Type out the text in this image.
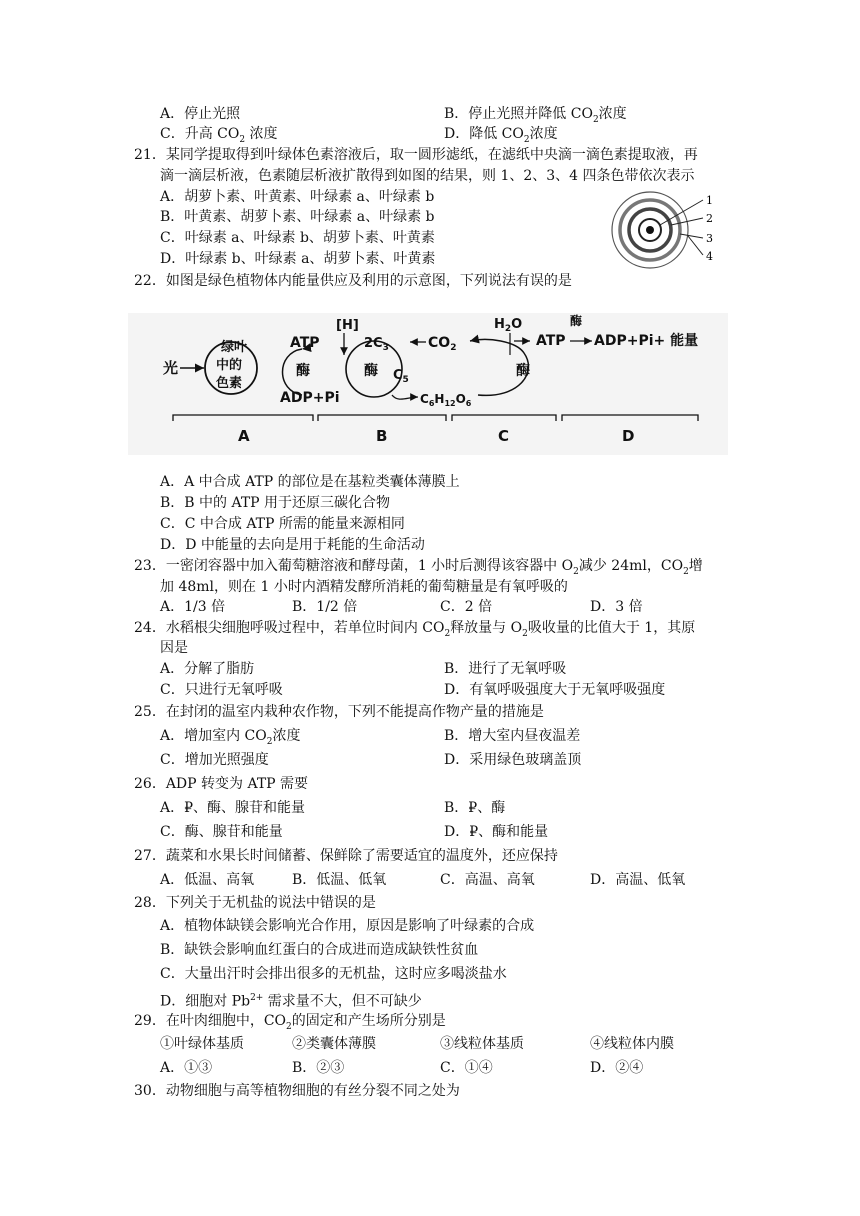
A．停止光照	B．停止光照并降低 $CO_2$浓度
C．升高 $CO_2$ 浓度	D．降低 $CO_2$浓度
21．某同学提取得到叶绿体色素溶液后，取一圆形滤纸，在滤纸中央滴一滴色素提取液，再
滴一滴层析液，色素随层析液扩散得到如图的结果，则 1、2、3、4 四条色带依次表示
A．胡萝卜素、叶黄素、叶绿素 a、叶绿素 b
B．叶黄素、胡萝卜素、叶绿素 a、叶绿素 b
C．叶绿素 a、叶绿素 b、胡萝卜素、叶黄素
D．叶绿素 b、叶绿素 a、胡萝卜素、叶黄素
1
2
3
4
22．如图是绿色植物体内能量供应及利用的示意图，下列说法有误的是
光
绿叶
中的
色素
ATP
酶
ADP+Pi
[H]
$2C_3$
酶 $C_5$
$CO_2$
$C_6H_{12}O_6$
$H_2O$
酶
ATP
酶
ADP+Pi+ 能量
A	B	C	D
A．A 中合成 ATP 的部位是在基粒类囊体薄膜上
B．B 中的 ATP 用于还原三碳化合物
C．C 中合成 ATP 所需的能量来源相同
D．D 中能量的去向是用于耗能的生命活动
23．一密闭容器中加入葡萄糖溶液和酵母菌，1 小时后测得该容器中 $O_2$减少 24ml，$CO_2$增
加 48ml，则在 1 小时内酒精发酵所消耗的葡萄糖量是有氧呼吸的
A．1/3 倍	B．1/2 倍	C．2 倍	D．3 倍
24．水稻根尖细胞呼吸过程中，若单位时间内 $CO_2$释放量与 $O_2$吸收量的比值大于 1，其原
因是
A．分解了脂肪	B．进行了无氧呼吸
C．只进行无氧呼吸	D．有氧呼吸强度大于无氧呼吸强度
25．在封闭的温室内栽种农作物，下列不能提高作物产量的措施是
A．增加室内 $CO_2$浓度	B．增大室内昼夜温差
C．增加光照强度	D．采用绿色玻璃盖顶
26．ADP 转变为 ATP 需要
A．₽、酶、腺苷和能量	B．₽、酶
C．酶、腺苷和能量	D．₽、酶和能量
27．蔬菜和水果长时间储蓄、保鲜除了需要适宜的温度外，还应保持
A．低温、高氧	B．低温、低氧	C．高温、高氧	D．高温、低氧
28．下列关于无机盐的说法中错误的是
A．植物体缺镁会影响光合作用，原因是影响了叶绿素的合成
B．缺铁会影响血红蛋白的合成进而造成缺铁性贫血
C．大量出汗时会排出很多的无机盐，这时应多喝淡盐水
D．细胞对 $Pb^{2+}$ 需求量不大，但不可缺少
29．在叶肉细胞中，$CO_2$的固定和产生场所分别是
①叶绿体基质	②类囊体薄膜	③线粒体基质	④线粒体内膜
A．①③	B．②③	C．①④	D．②④
30．动物细胞与高等植物细胞的有丝分裂不同之处为
